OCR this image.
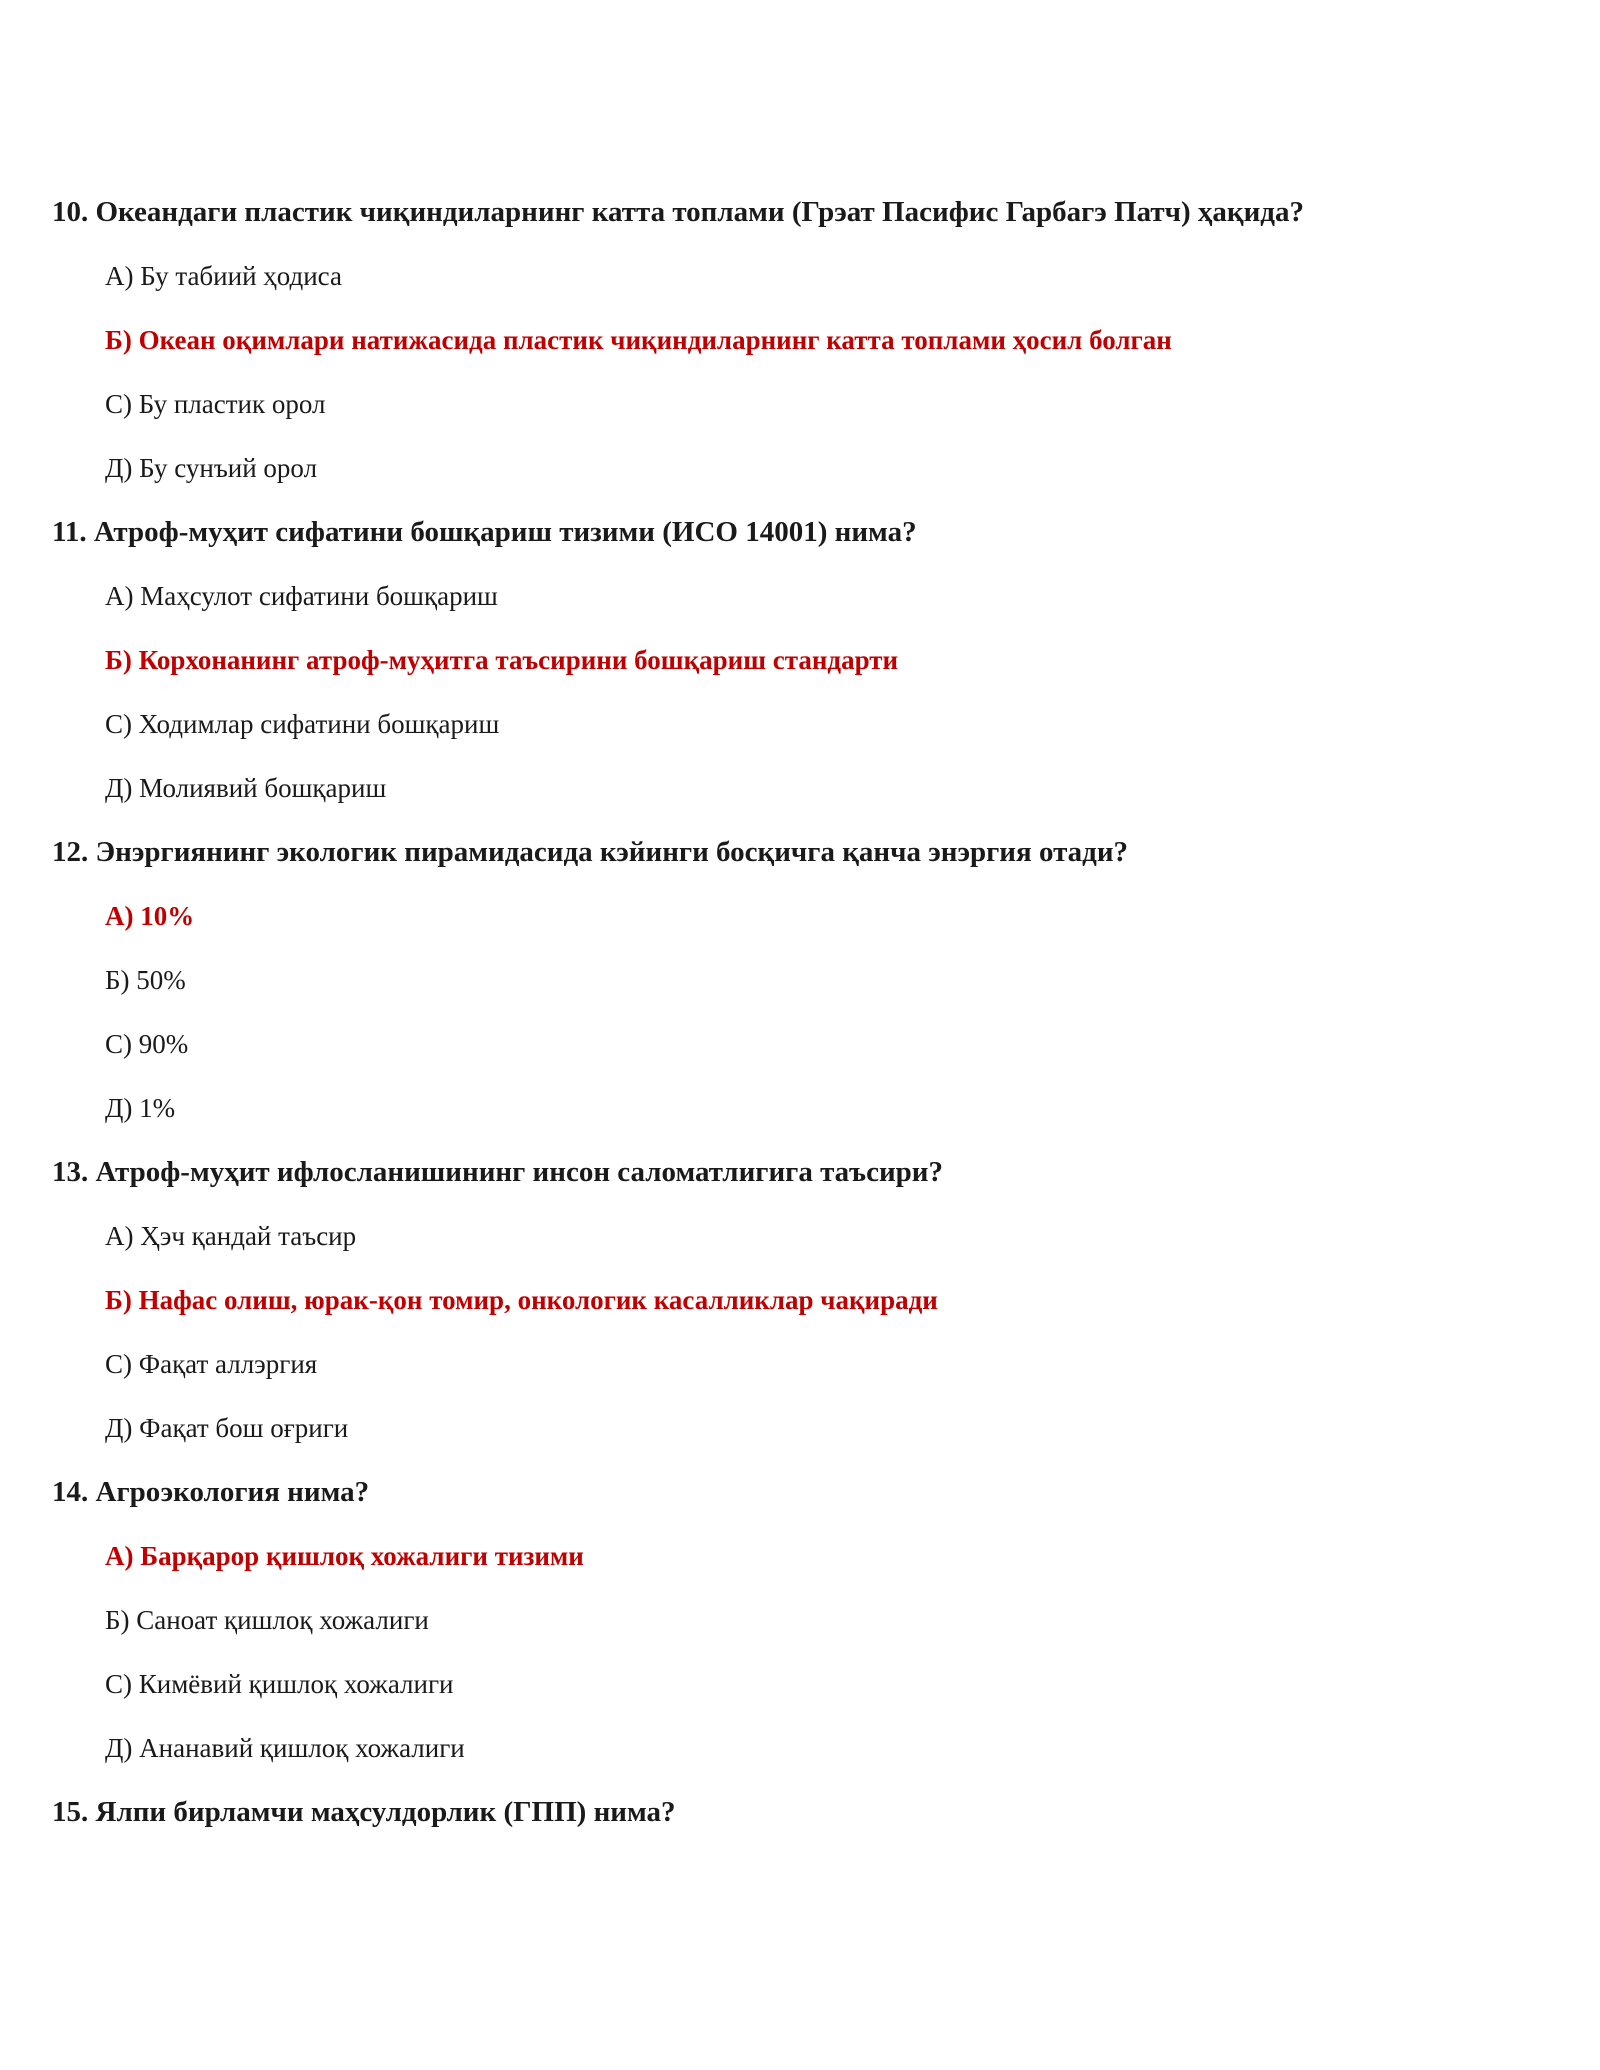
10. Океандаги пластик чиқиндиларнинг катта топлами (Грэат Пасифис Гарбагэ Патч) ҳақида?
А) Бу табиий ҳодиса
Б) Океан оқимлари натижасида пластик чиқиндиларнинг катта топлами ҳосил болган
С) Бу пластик орол
Д) Бу сунъий орол
11. Атроф-муҳит сифатини бошқариш тизими (ИСО 14001) нима?
А) Маҳсулот сифатини бошқариш
Б) Корхонанинг атроф-муҳитга таъсирини бошқариш стандарти
С) Ходимлар сифатини бошқариш
Д) Молиявий бошқариш
12. Энэргиянинг экологик пирамидасида кэйинги босқичга қанча энэргия отади?
А) 10%
Б) 50%
С) 90%
Д) 1%
13. Атроф-муҳит ифлосланишининг инсон саломатлигига таъсири?
А) Ҳэч қандай таъсир
Б) Нафас олиш, юрак-қон томир, онкологик касалликлар чақиради
С) Фақат аллэргия
Д) Фақат бош оғриги
14. Агроэкология нима?
А) Барқарор қишлоқ хожалиги тизими
Б) Саноат қишлоқ хожалиги
С) Кимёвий қишлоқ хожалиги
Д) Ананавий қишлоқ хожалиги
15. Ялпи бирламчи маҳсулдорлик (ГПП) нима?
